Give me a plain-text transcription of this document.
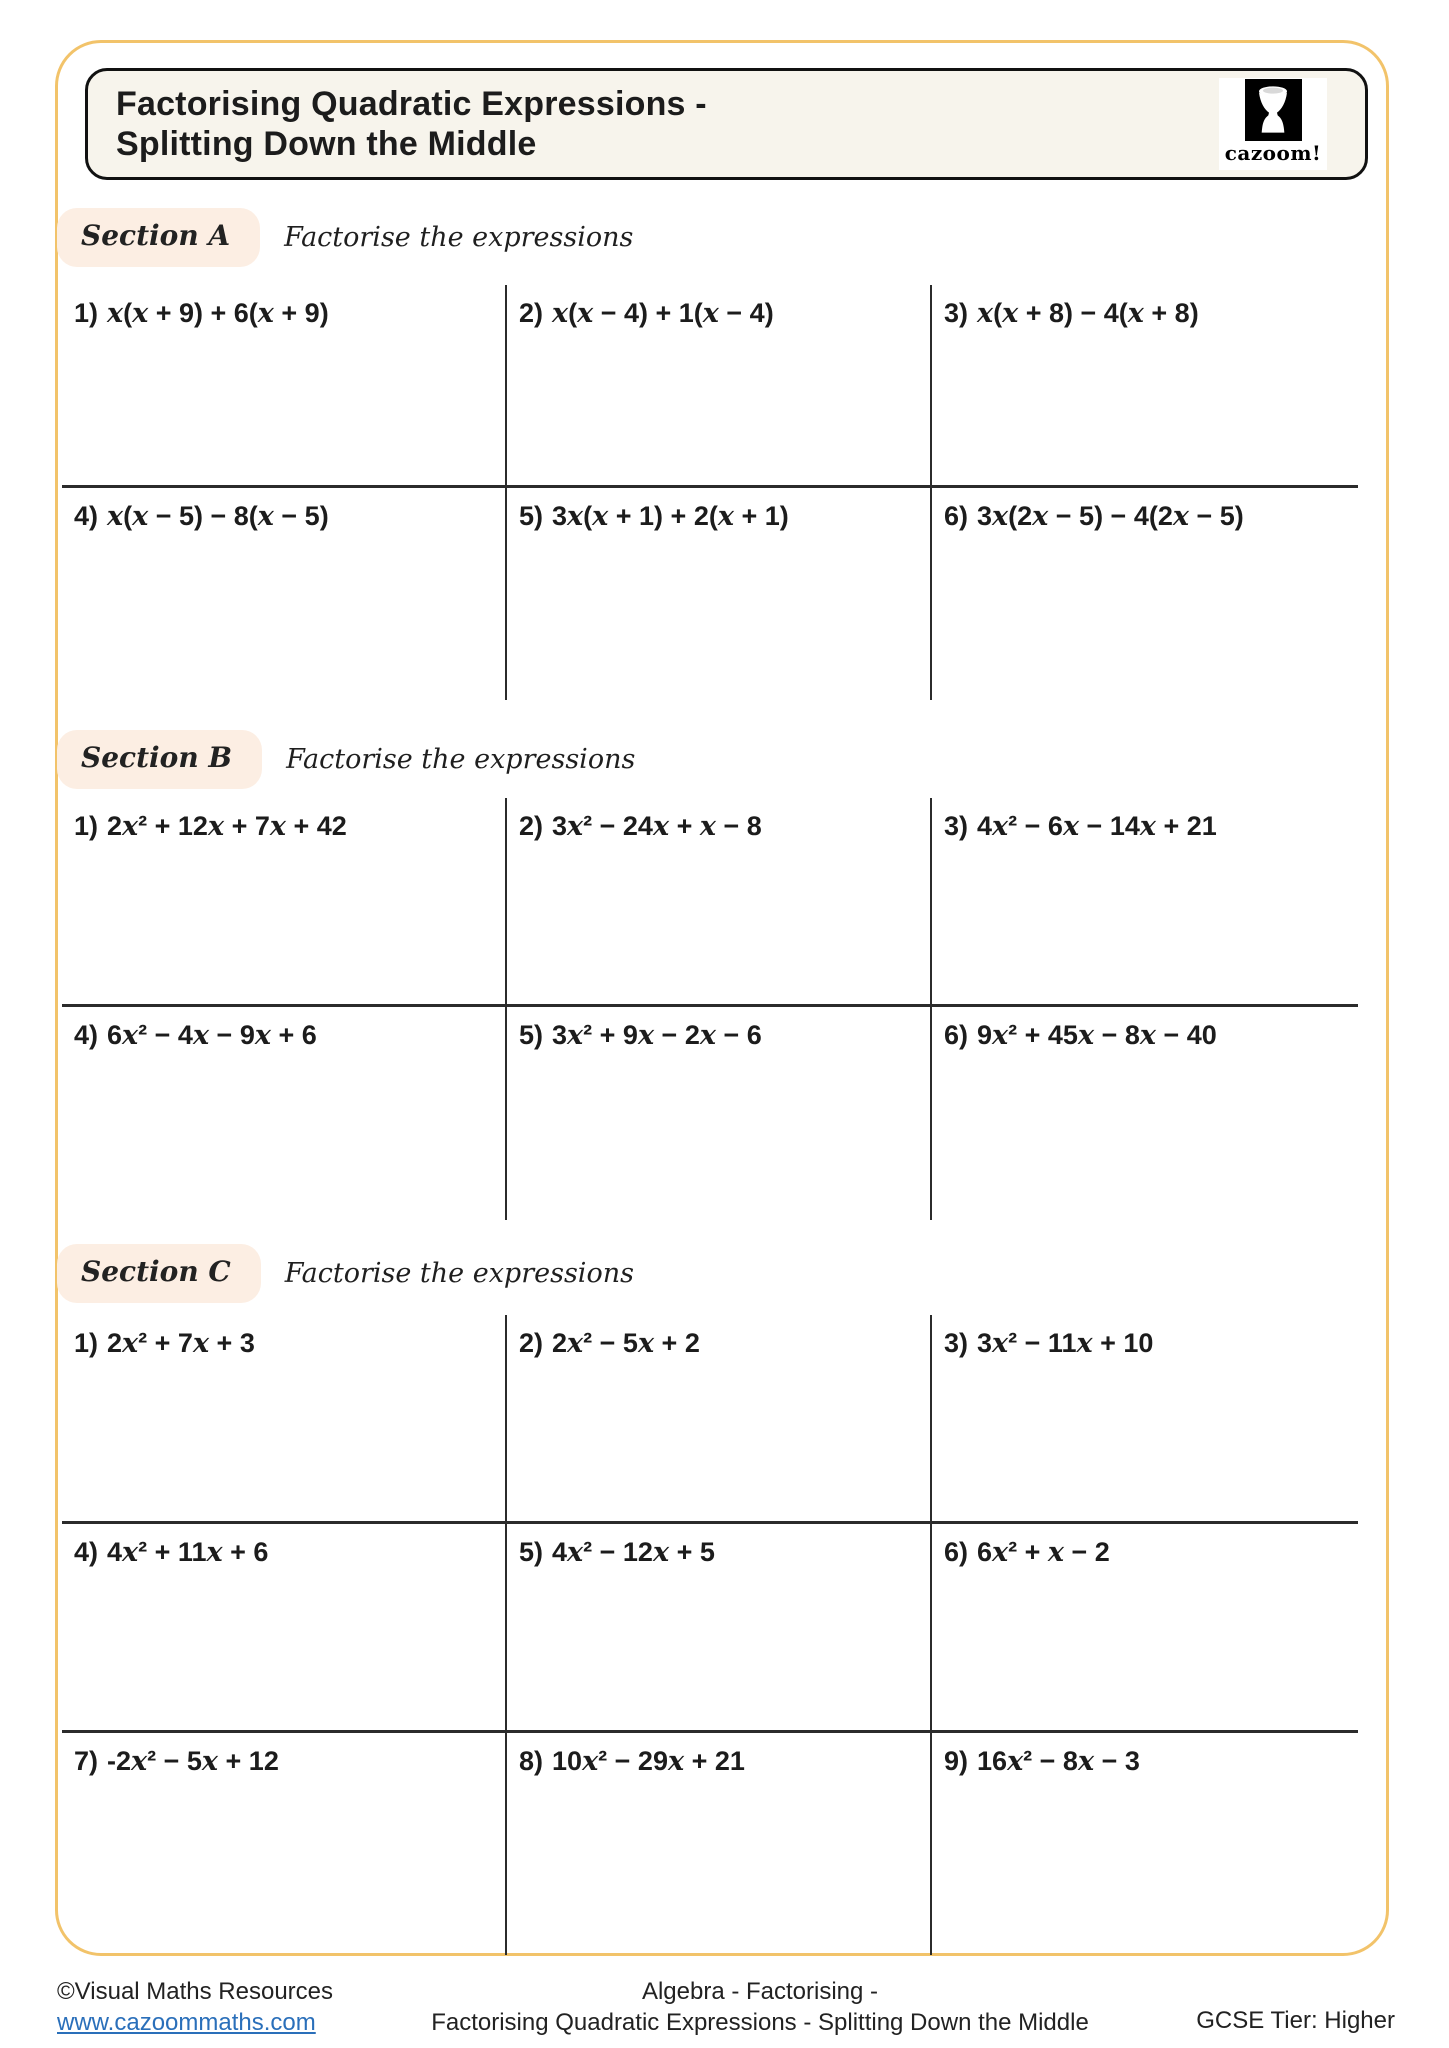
Factorising Quadratic Expressions -
Splitting Down the Middle	cazoom!
Section A	Factorise the expressions
1) x(x + 9) + 6(x + 9)	2) x(x − 4) + 1(x − 4)	3) x(x + 8) − 4(x + 8)
4) x(x − 5) − 8(x − 5)	5) 3x(x + 1) + 2(x + 1)	6) 3x(2x − 5) − 4(2x − 5)
Section B	Factorise the expressions
1) 2x² + 12x + 7x + 42	2) 3x² − 24x + x − 8	3) 4x² − 6x − 14x + 21
4) 6x² − 4x − 9x + 6	5) 3x² + 9x − 2x − 6	6) 9x² + 45x − 8x − 40
Section C	Factorise the expressions
1) 2x² + 7x + 3	2) 2x² − 5x + 2	3) 3x² − 11x + 10
4) 4x² + 11x + 6	5) 4x² − 12x + 5	6) 6x² + x − 2
7) -2x² − 5x + 12	8) 10x² − 29x + 21	9) 16x² − 8x − 3
©Visual Maths Resources
www.cazoommaths.com
Algebra - Factorising -
Factorising Quadratic Expressions - Splitting Down the Middle	GCSE Tier: Higher
